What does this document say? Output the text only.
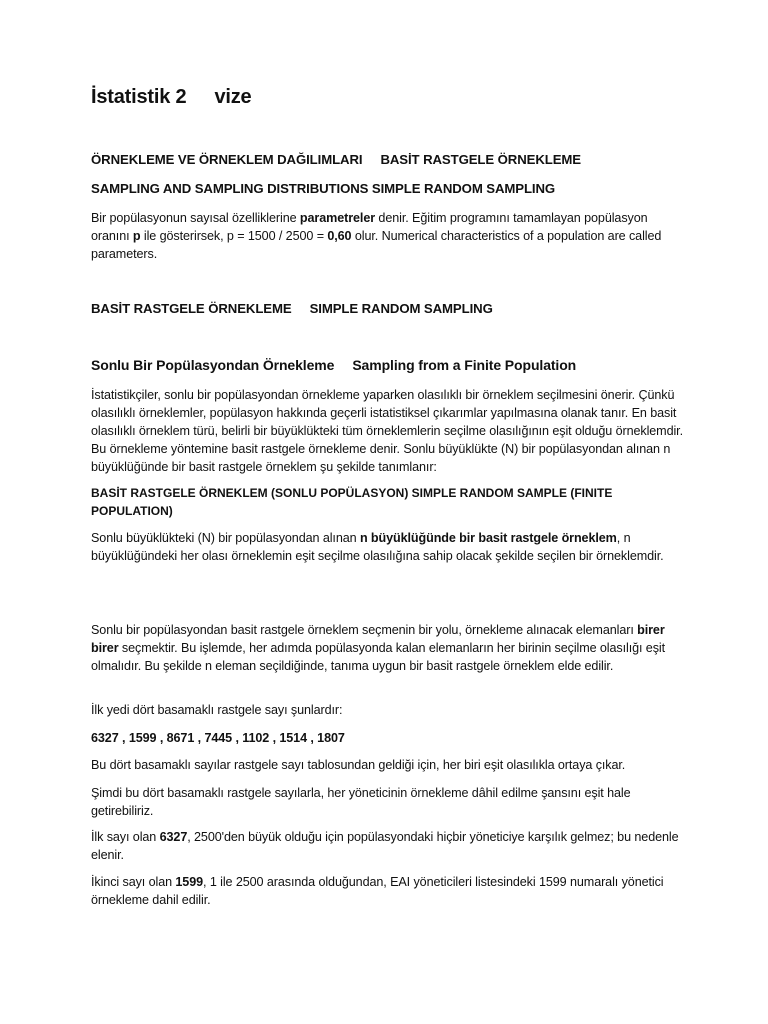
İstatistik 2 vize

ÖRNEKLEME VE ÖRNEKLEM DAĞILIMLARI BASİT RASTGELE ÖRNEKLEME

SAMPLING AND SAMPLING DISTRIBUTIONS SIMPLE RANDOM SAMPLING

Bir popülasyonun sayısal özelliklerine parametreler denir. Eğitim programını tamamlayan popülasyon oranını p ile gösterirsek, p = 1500 / 2500 = 0,60 olur. Numerical characteristics of a population are called parameters.

BASİT RASTGELE ÖRNEKLEME SIMPLE RANDOM SAMPLING

Sonlu Bir Popülasyondan Örnekleme Sampling from a Finite Population

İstatistikçiler, sonlu bir popülasyondan örnekleme yaparken olasılıklı bir örneklem seçilmesini önerir. Çünkü olasılıklı örneklemler, popülasyon hakkında geçerli istatistiksel çıkarımlar yapılmasına olanak tanır. En basit olasılıklı örneklem türü, belirli bir büyüklükteki tüm örneklemlerin seçilme olasılığının eşit olduğu örneklemdir. Bu örnekleme yöntemine basit rastgele örnekleme denir. Sonlu büyüklükte (N) bir popülasyondan alınan n büyüklüğünde bir basit rastgele örneklem şu şekilde tanımlanır:

BASİT RASTGELE ÖRNEKLEM (SONLU POPÜLASYON) SIMPLE RANDOM SAMPLE (FINITE POPULATION)

Sonlu büyüklükteki (N) bir popülasyondan alınan n büyüklüğünde bir basit rastgele örneklem, n büyüklüğündeki her olası örneklemin eşit seçilme olasılığına sahip olacak şekilde seçilen bir örneklemdir.

Sonlu bir popülasyondan basit rastgele örneklem seçmenin bir yolu, örnekleme alınacak elemanları birer birer seçmektir. Bu işlemde, her adımda popülasyonda kalan elemanların her birinin seçilme olasılığı eşit olmalıdır. Bu şekilde n eleman seçildiğinde, tanıma uygun bir basit rastgele örneklem elde edilir.

İlk yedi dört basamaklı rastgele sayı şunlardır:

6327 , 1599 , 8671 , 7445 , 1102 , 1514 , 1807

Bu dört basamaklı sayılar rastgele sayı tablosundan geldiği için, her biri eşit olasılıkla ortaya çıkar.

Şimdi bu dört basamaklı rastgele sayılarla, her yöneticinin örnekleme dâhil edilme şansını eşit hale getirebiliriz.

İlk sayı olan 6327, 2500'den büyük olduğu için popülasyondaki hiçbir yöneticiye karşılık gelmez; bu nedenle elenir.

İkinci sayı olan 1599, 1 ile 2500 arasında olduğundan, EAI yöneticileri listesindeki 1599 numaralı yönetici örnekleme dahil edilir.
